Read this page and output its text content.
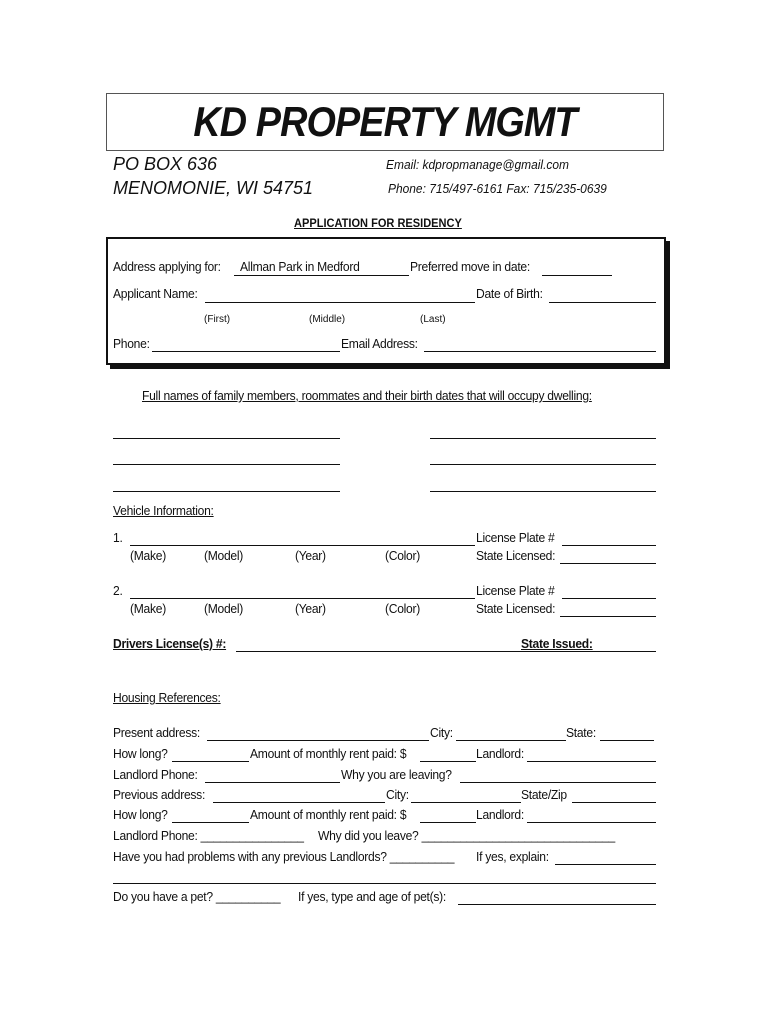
KD PROPERTY MGMT
PO BOX 636
MENOMONIE, WI 54751
Email: kdpropmanage@gmail.com
Phone: 715/497-6161 Fax: 715/235-0639
APPLICATION FOR RESIDENCY
Address applying for: Allman Park in Medford	Preferred move in date:
Applicant Name:	Date of Birth:
(First)	(Middle)	(Last)
Phone:	Email Address:
Full names of family members, roommates and their birth dates that will occupy dwelling:
Vehicle Information:
1.	License Plate #
(Make)	(Model)	(Year)	(Color)	State Licensed:
2.	License Plate #
(Make)	(Model)	(Year)	(Color)	State Licensed:
Drivers License(s) #:	State Issued:
Housing References:
Present address:	City:	State:
How long?	Amount of monthly rent paid: $	Landlord:
Landlord Phone:	Why you are leaving?
Previous address:	City:	State/Zip
How long?	Amount of monthly rent paid: $	Landlord:
Landlord Phone: ________________ Why did you leave? ______________________________
Have you had problems with any previous Landlords? __________ If yes, explain:
Do you have a pet? __________ If yes, type and age of pet(s):
